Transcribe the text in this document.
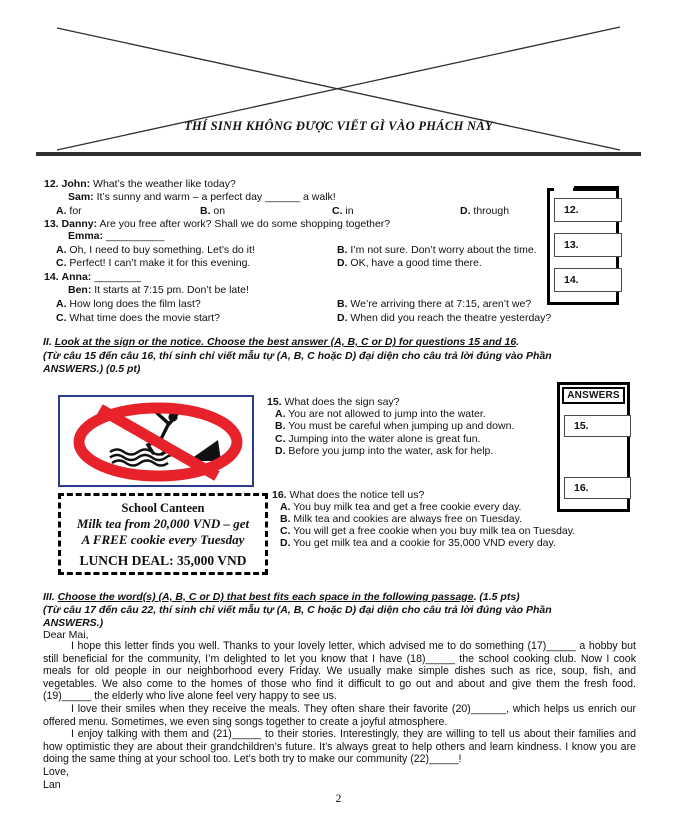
THÍ SINH KHÔNG ĐƯỢC VIẾT GÌ VÀO PHÁCH NÀY
12. John: What’s the weather like today?
Sam: It’s sunny and warm – a perfect day ______ a walk!
A. for	B. on	C. in	D. through
13. Danny: Are you free after work? Shall we do some shopping together?
Emma: __________
A. Oh, I need to buy something. Let’s do it!	B. I’m not sure. Don’t worry about the time.
C. Perfect! I can’t make it for this evening.	D. OK, have a good time there.
14. Anna: ________
Ben: It starts at 7:15 pm. Don’t be late!
A. How long does the film last?	B. We’re arriving there at 7:15, aren’t we?
C. What time does the movie start?	D. When did you reach the theatre yesterday?
12.
13.
14.
II. Look at the sign or the notice. Choose the best answer (A, B, C or D) for questions 15 and 16.
(Từ câu 15 đến câu 16, thí sinh chỉ viết mẫu tự (A, B, C hoặc D) đại diện cho câu trả lời đúng vào Phần
ANSWERS.) (0.5 pt)
15. What does the sign say?
A. You are not allowed to jump into the water.
B. You must be careful when jumping up and down.
C. Jumping into the water alone is great fun.
D. Before you jump into the water, ask for help.
ANSWERS
15.
16.
School Canteen
Milk tea from 20,000 VND – get
A FREE cookie every Tuesday
LUNCH DEAL: 35,000 VND
16. What does the notice tell us?
A. You buy milk tea and get a free cookie every day.
B. Milk tea and cookies are always free on Tuesday.
C. You will get a free cookie when you buy milk tea on Tuesday.
D. You get milk tea and a cookie for 35,000 VND every day.
III. Choose the word(s) (A, B, C or D) that best fits each space in the following passage. (1.5 pts)
(Từ câu 17 đến câu 22, thí sinh chỉ viết mẫu tự (A, B, C hoặc D) đại diện cho câu trả lời đúng vào Phần
ANSWERS.)
Dear Mai,

I hope this letter finds you well. Thanks to your lovely letter, which advised me to do something (17)_____ a hobby but still beneficial for the community, I’m delighted to let you know that I have (18)_____ the school cooking club. Now I cook meals for old people in our neighborhood every Friday. We usually make simple dishes such as rice, soup, fish, and vegetables. We also come to the homes of those who find it difficult to go out and about and give them the fresh food. (19)_____ the elderly who live alone feel very happy to see us.

I love their smiles when they receive the meals. They often share their favorite (20)______, which helps us enrich our offered menu. Sometimes, we even sing songs together to create a joyful atmosphere.

I enjoy talking with them and (21)_____ to their stories. Interestingly, they are willing to tell us about their families and how optimistic they are about their grandchildren’s future. It’s always great to help others and learn kindness. I know you are doing the same thing at your school too. Let’s both try to make our community (22)_____!

Love,
Lan
2
